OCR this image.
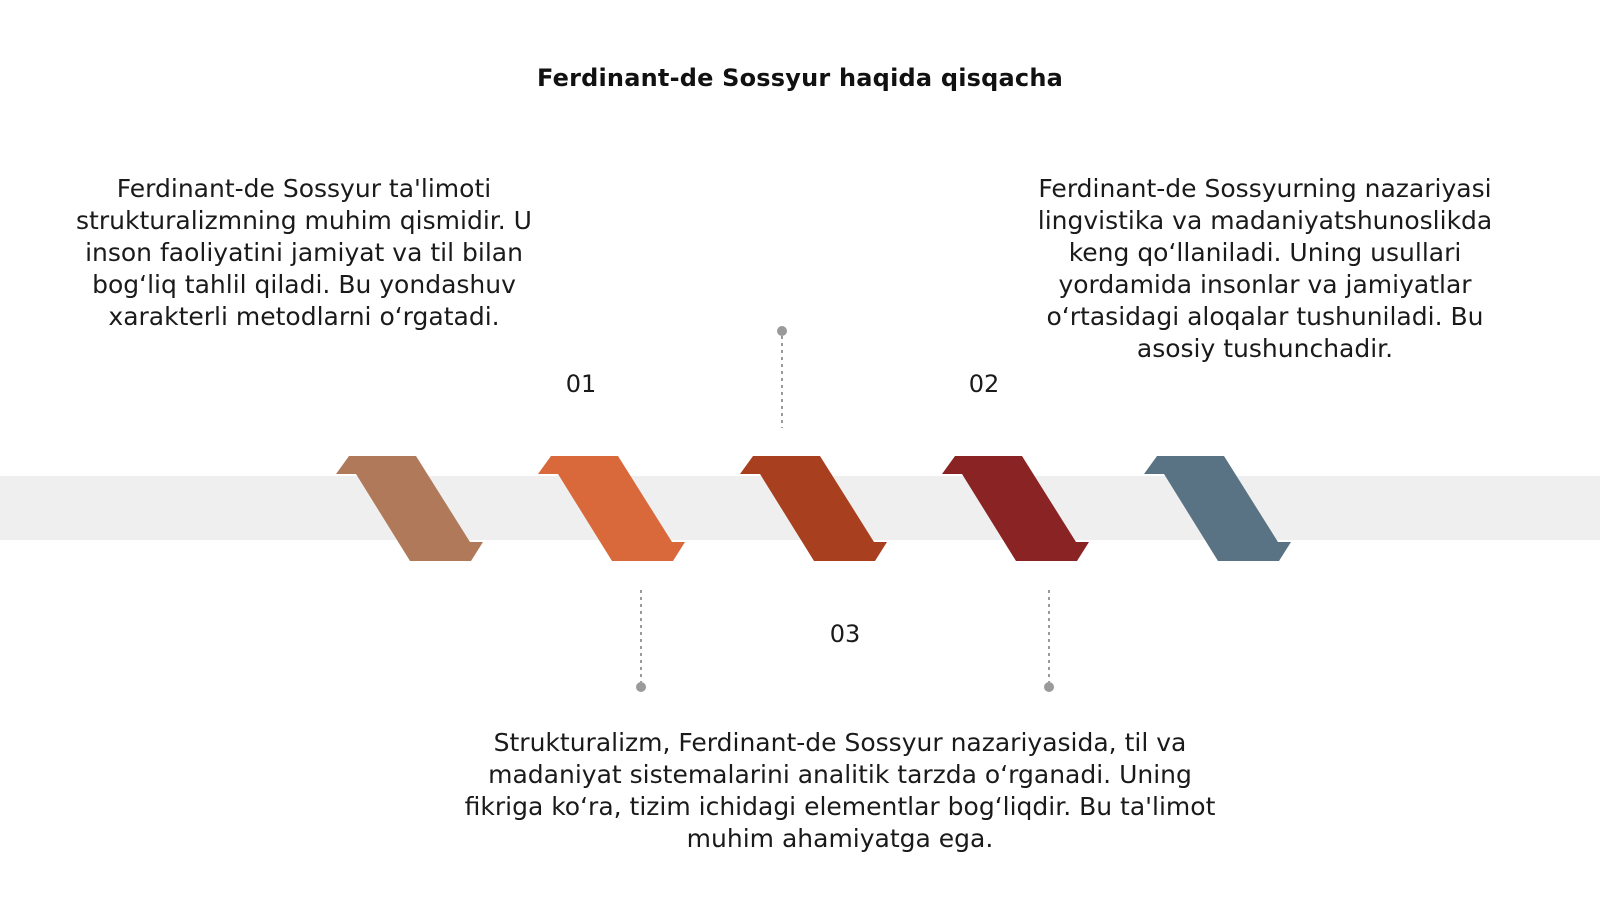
Ferdinant-de Sossyur haqida qisqacha
Ferdinant-de Sossyur ta'limoti strukturalizmning muhim qismidir. U inson faoliyatini jamiyat va til bilan bog‘liq tahlil qiladi. Bu yondashuv xarakterli metodlarni o‘rgatadi.
Ferdinant-de Sossyurning nazariyasi lingvistika va madaniyatshunoslikda keng qo‘llaniladi. Uning usullari yordamida insonlar va jamiyatlar o‘rtasidagi aloqalar tushuniladi. Bu asosiy tushunchadir.
Strukturalizm, Ferdinant-de Sossyur nazariyasida, til va madaniyat sistemalarini analitik tarzda o‘rganadi. Uning fikriga ko‘ra, tizim ichidagi elementlar bog‘liqdir. Bu ta'limot muhim ahamiyatga ega.
01	02
03
